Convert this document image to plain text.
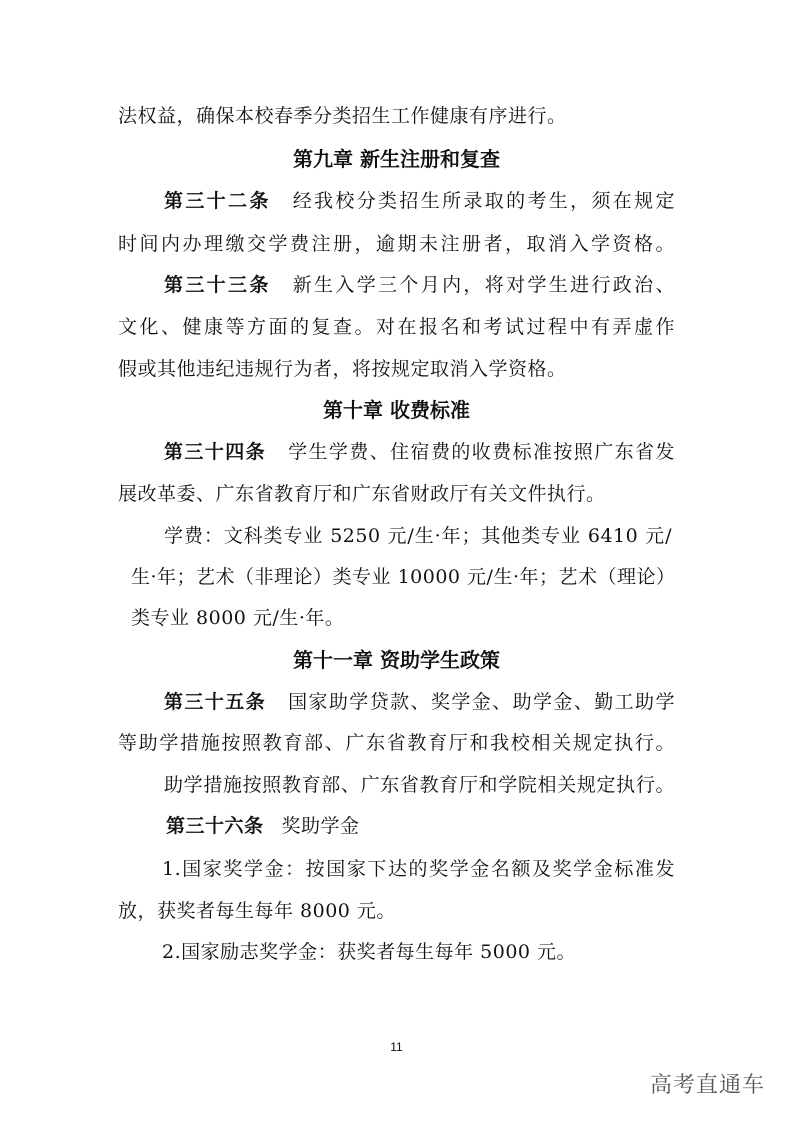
法权益，确保本校春季分类招生工作健康有序进行。
第九章 新生注册和复查
第三十二条 经我校分类招生所录取的考生，须在规定
时间内办理缴交学费注册，逾期未注册者，取消入学资格。
第三十三条 新生入学三个月内，将对学生进行政治、
文化、健康等方面的复查。对在报名和考试过程中有弄虚作
假或其他违纪违规行为者，将按规定取消入学资格。
第十章 收费标准
第三十四条 学生学费、住宿费的收费标准按照广东省发
展改革委、广东省教育厅和广东省财政厅有关文件执行。
学费：文科类专业 5250 元/生·年；其他类专业 6410 元/
生·年；艺术（非理论）类专业 10000 元/生·年；艺术（理论）
类专业 8000 元/生·年。
第十一章 资助学生政策
第三十五条 国家助学贷款、奖学金、助学金、勤工助学
等助学措施按照教育部、广东省教育厅和我校相关规定执行。
助学措施按照教育部、广东省教育厅和学院相关规定执行。
第三十六条 奖助学金
1.国家奖学金：按国家下达的奖学金名额及奖学金标准发
放，获奖者每生每年 8000 元。
2.国家励志奖学金：获奖者每生每年 5000 元。
11
高考直通车
